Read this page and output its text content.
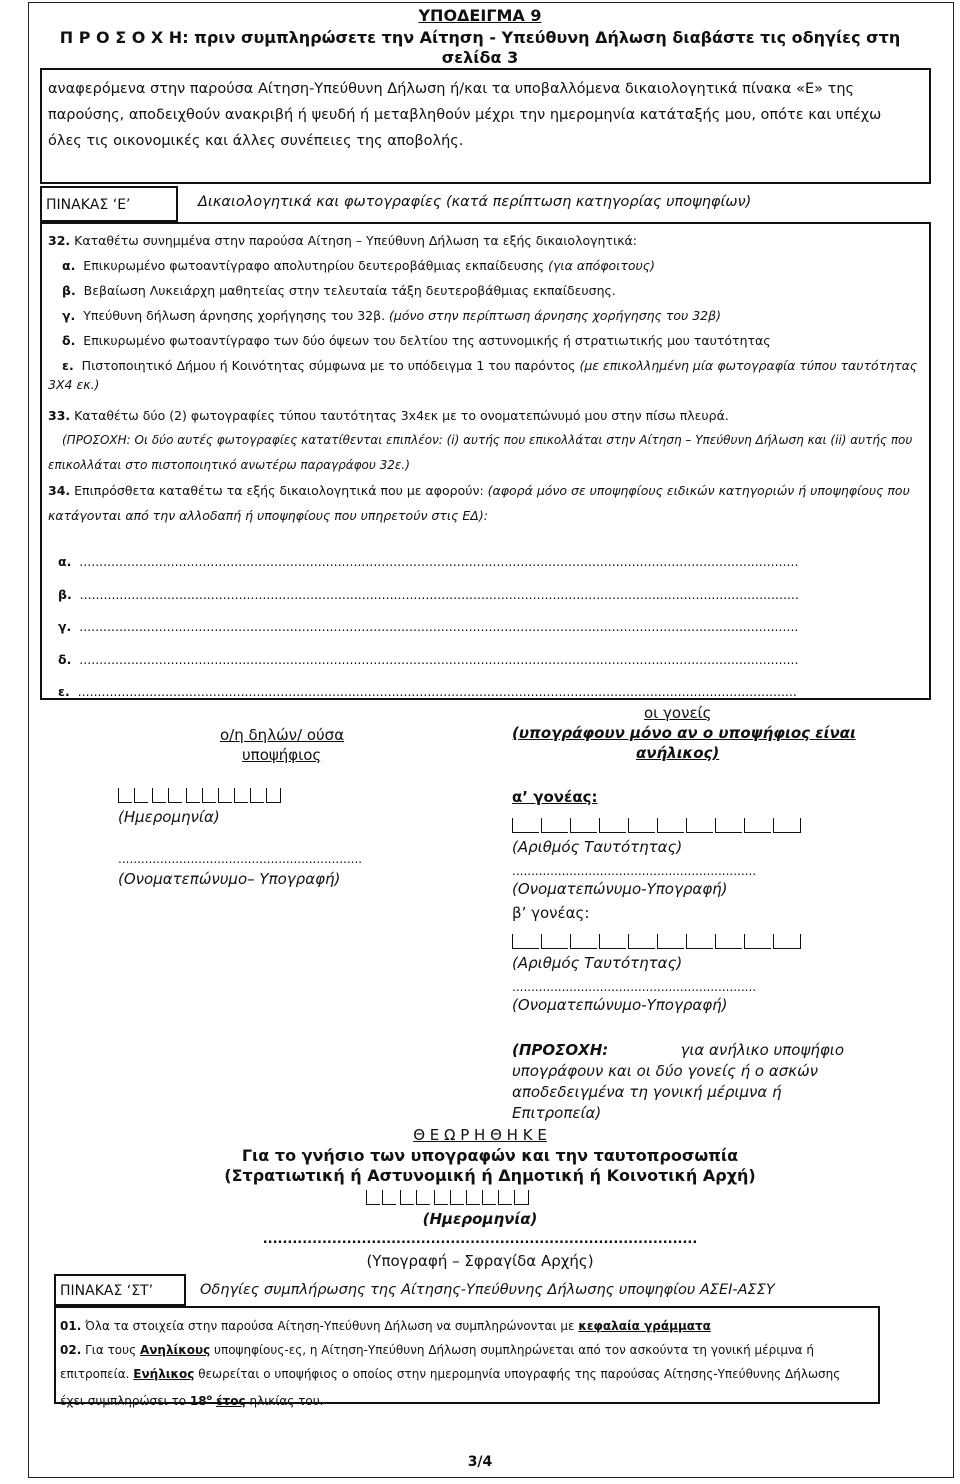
ΥΠΟΔΕΙΓΜΑ 9
Π Ρ Ο Σ Ο Χ Η: πριν συμπληρώσετε την Αίτηση - Υπεύθυνη Δήλωση διαβάστε τις οδηγίες στη
σελίδα 3
αναφερόμενα στην παρούσα Αίτηση-Υπεύθυνη Δήλωση ή/και τα υποβαλλόμενα δικαιολογητικά πίνακα «Ε» της
παρούσης, αποδειχθούν ανακριβή ή ψευδή ή μεταβληθούν μέχρι την ημερομηνία κατάταξής μου, οπότε και υπέχω
όλες τις οικονομικές και άλλες συνέπειες της αποβολής.
ΠΙΝΑΚΑΣ ‘Ε’	Δικαιολογητικά και φωτογραφίες (κατά περίπτωση κατηγορίας υποψηφίων)
32. Καταθέτω συνημμένα στην παρούσα Αίτηση – Υπεύθυνη Δήλωση τα εξής δικαιολογητικά:
α. Επικυρωμένο φωτοαντίγραφο απολυτηρίου δευτεροβάθμιας εκπαίδευσης (για απόφοιτους)
β. Βεβαίωση Λυκειάρχη μαθητείας στην τελευταία τάξη δευτεροβάθμιας εκπαίδευσης.
γ. Υπεύθυνη δήλωση άρνησης χορήγησης του 32β. (μόνο στην περίπτωση άρνησης χορήγησης του 32β)
δ. Επικυρωμένο φωτοαντίγραφο των δύο όψεων του δελτίου της αστυνομικής ή στρατιωτικής μου ταυτότητας
ε. Πιστοποιητικό Δήμου ή Κοινότητας σύμφωνα με το υπόδειγμα 1 του παρόντος (με επικολλημένη μία φωτογραφία τύπου ταυτότητας
3Χ4 εκ.)
33. Καταθέτω δύο (2) φωτογραφίες τύπου ταυτότητας 3x4εκ με το ονοματεπώνυμό μου στην πίσω πλευρά.
(ΠΡΟΣΟΧΗ: Οι δύο αυτές φωτογραφίες κατατίθενται επιπλέον: (i) αυτής που επικολλάται στην Αίτηση – Υπεύθυνη Δήλωση και (ii) αυτής που
επικολλάται στο πιστοποιητικό ανωτέρω παραγράφου 32ε.)
34. Επιπρόσθετα καταθέτω τα εξής δικαιολογητικά που με αφορούν: (αφορά μόνο σε υποψηφίους ειδικών κατηγοριών ή υποψηφίους που
κατάγονται από την αλλοδαπή ή υποψηφίους που υπηρετούν στις ΕΔ):
α. .....................................................................................................................................................................................
β. .....................................................................................................................................................................................
γ. .....................................................................................................................................................................................
δ. .....................................................................................................................................................................................
ε. .....................................................................................................................................................................................
ο/η δηλών/ ούσα
υποψήφιος
(Ημερομηνία)
................................................................
(Ονοματεπώνυμο– Υπογραφή)
οι γονείς
(υπογράφουν μόνο αν ο υποψήφιος είναι
ανήλικος)
α’ γονέας:
(Αριθμός Ταυτότητας)
................................................................
(Ονοματεπώνυμο-Υπογραφή)
β’ γονέας:
(Αριθμός Ταυτότητας)
................................................................
(Ονοματεπώνυμο-Υπογραφή)
(ΠΡΟΣΟΧΗ:	για ανήλικο υποψήφιο
υπογράφουν και οι δύο γονείς ή ο ασκών
αποδεδειγμένα τη γονική μέριμνα ή
Επιτροπεία)
Θ Ε Ω Ρ Η Θ Η Κ Ε
Για το γνήσιο των υπογραφών και την ταυτοπροσωπία
(Στρατιωτική ή Αστυνομική ή Δημοτική ή Κοινοτική Αρχή)
(Ημερομηνία)
........................................................................................
(Υπογραφή – Σφραγίδα Αρχής)
ΠΙΝΑΚΑΣ ‘ΣΤ’	Οδηγίες συμπλήρωσης της Αίτησης-Υπεύθυνης Δήλωσης υποψηφίου ΑΣΕΙ-ΑΣΣΥ
01. Όλα τα στοιχεία στην παρούσα Αίτηση-Υπεύθυνη Δήλωση να συμπληρώνονται με κεφαλαία γράμματα
02. Για τους Ανηλίκους υποψηφίους-ες, η Αίτηση-Υπεύθυνη Δήλωση συμπληρώνεται από τον ασκούντα τη γονική μέριμνα ή
επιτροπεία. Ενήλικος θεωρείται ο υποψήφιος ο οποίος στην ημερομηνία υπογραφής της παρούσας Αίτησης-Υπεύθυνης Δήλωσης
έχει συμπληρώσει το $18^o$ έτος ηλικίας του.
3/4
